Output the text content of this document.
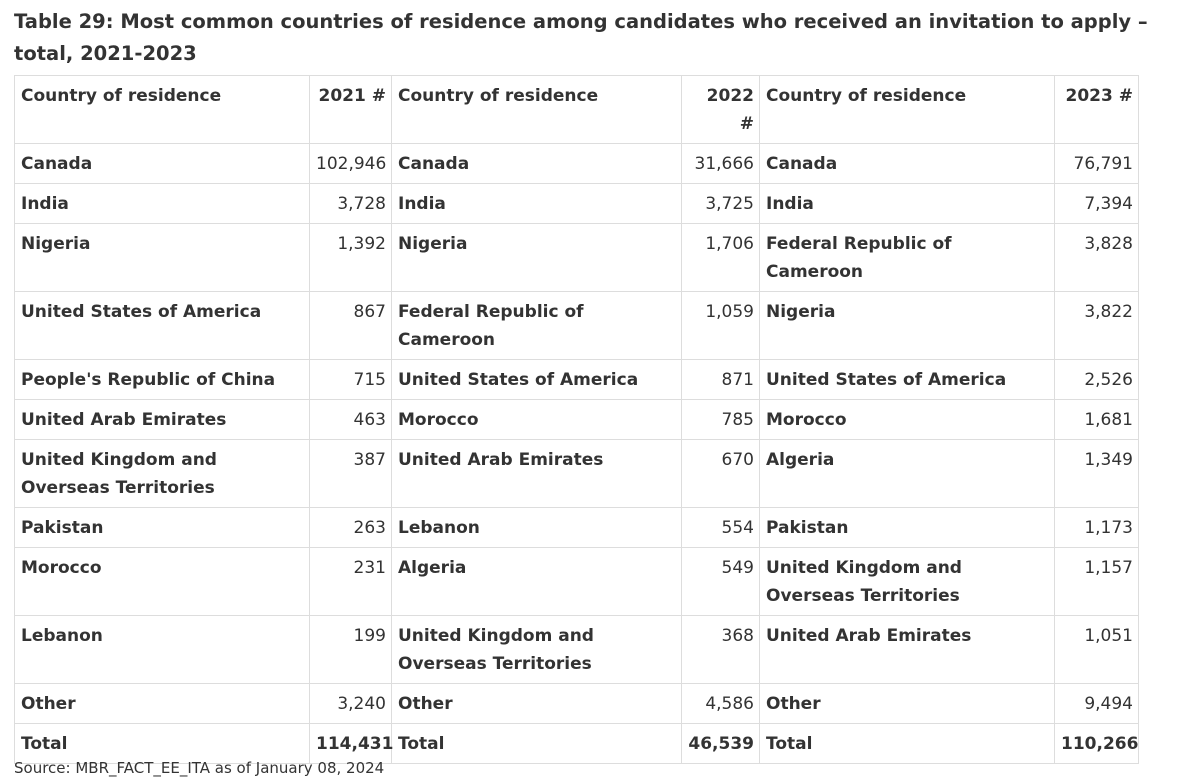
Table 29: Most common countries of residence among candidates who received an invitation to apply – total, 2021-2023
Country of residence	2021 #	Country of residence	2022 #	Country of residence	2023 #
Canada	102,946	Canada	31,666	Canada	76,791
India	3,728	India	3,725	India	7,394
Nigeria	1,392	Nigeria	1,706	Federal Republic of Cameroon	3,828
United States of America	867	Federal Republic of Cameroon	1,059	Nigeria	3,822
People's Republic of China	715	United States of America	871	United States of America	2,526
United Arab Emirates	463	Morocco	785	Morocco	1,681
United Kingdom and Overseas Territories	387	United Arab Emirates	670	Algeria	1,349
Pakistan	263	Lebanon	554	Pakistan	1,173
Morocco	231	Algeria	549	United Kingdom and Overseas Territories	1,157
Lebanon	199	United Kingdom and Overseas Territories	368	United Arab Emirates	1,051
Other	3,240	Other	4,586	Other	9,494
Total	114,431	Total	46,539	Total	110,266

Source: MBR_FACT_EE_ITA as of January 08, 2024
